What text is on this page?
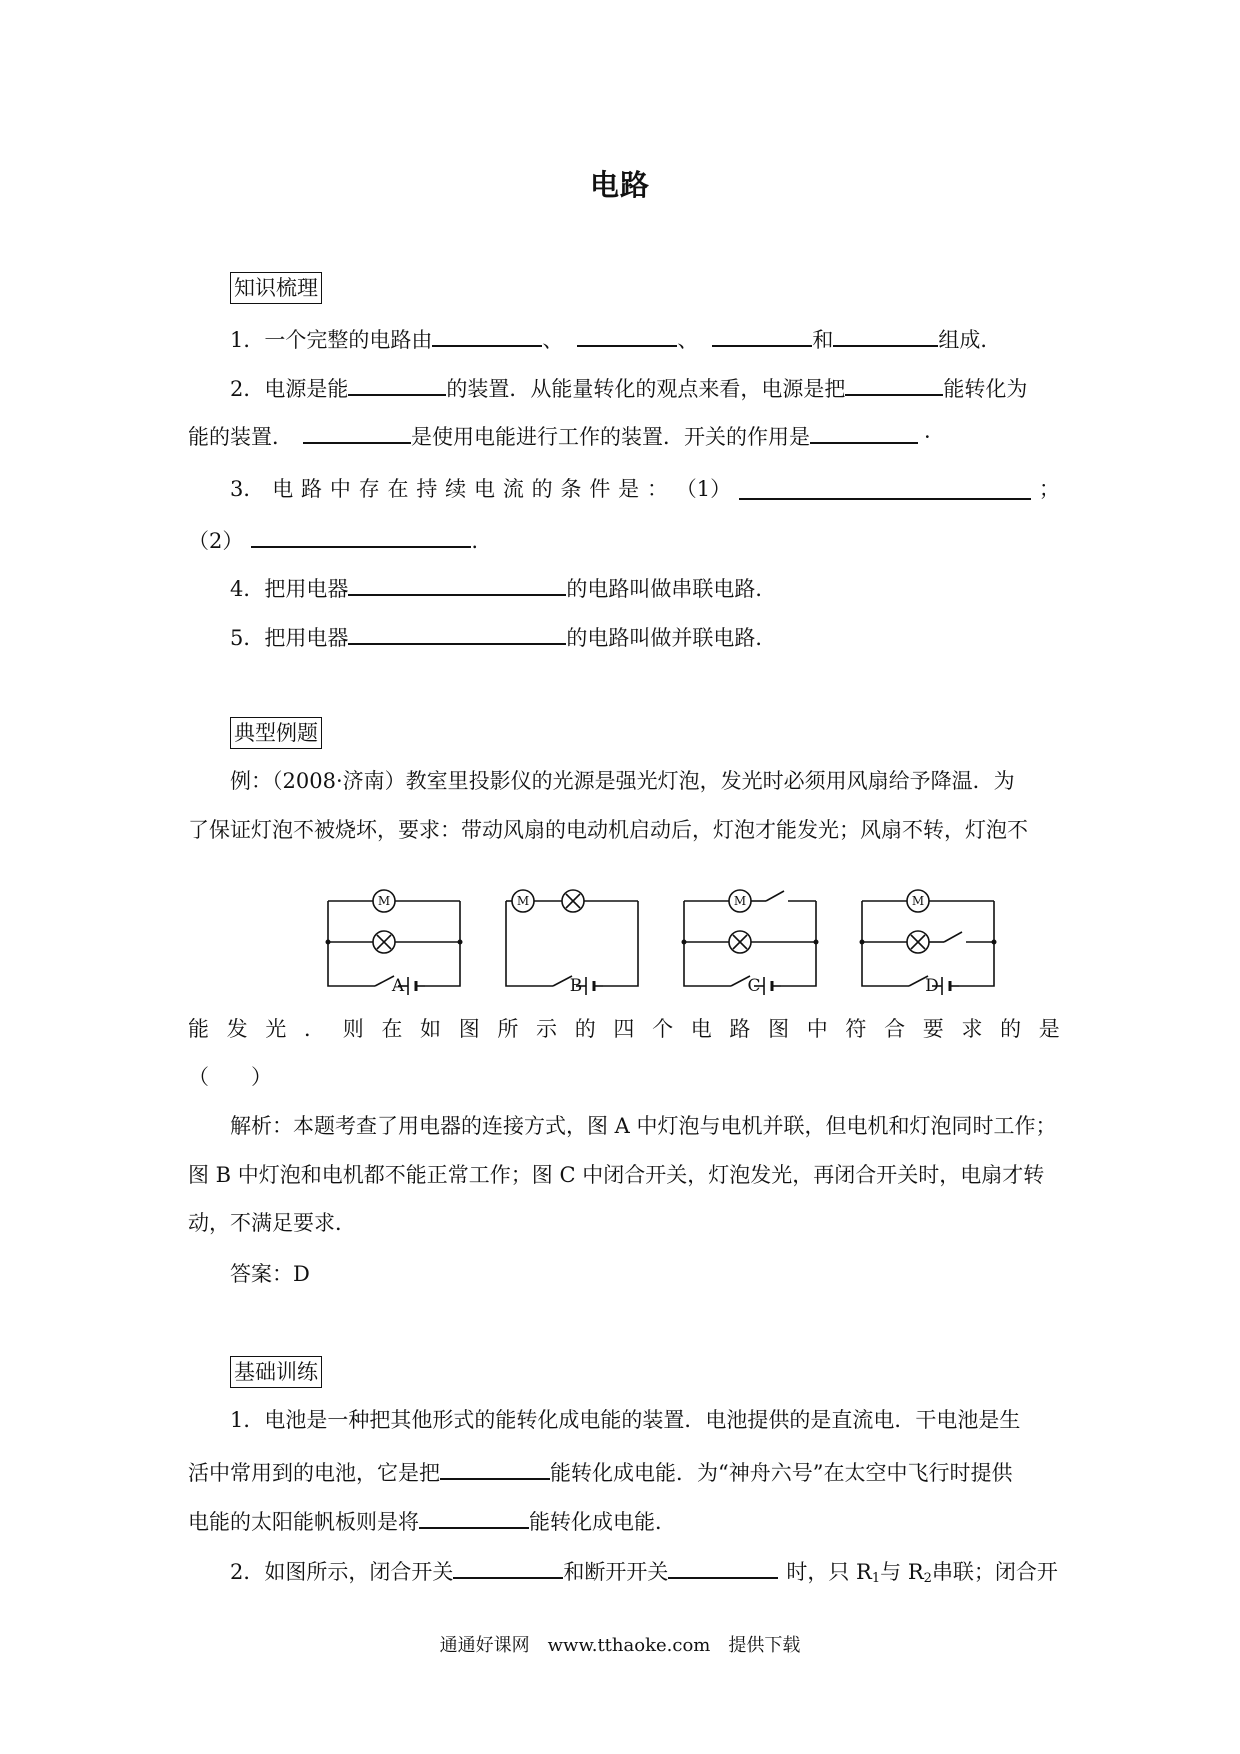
电路
知识梳理
1．一个完整的电路由	、	、	和	组成．
2．电源是能	的装置．从能量转化的观点来看，电源是把	能转化为
能的装置．	是使用电能进行工作的装置．开关的作用是	·
3． 电 路 中 存 在 持 续 电 流 的 条 件 是 ： （1）	；
（2）	.
4．把用电器	的电路叫做串联电路．
5．把用电器	的电路叫做并联电路．
典型例题
例：（2008·济南）教室里投影仪的光源是强光灯泡，发光时必须用风扇给予降温．为
了保证灯泡不被烧坏，要求：带动风扇的电动机启动后，灯泡才能发光；风扇不转，灯泡不
M	M	M	M
A	B	C	D
能 发 光 ． 则 在 如 图 所 示 的 四 个 电 路 图 中 符 合 要 求 的 是
（　　）
解析：本题考查了用电器的连接方式，图 A 中灯泡与电机并联，但电机和灯泡同时工作；
图 B 中灯泡和电机都不能正常工作；图 C 中闭合开关，灯泡发光，再闭合开关时，电扇才转
动，不满足要求．
答案：D
基础训练
1．电池是一种把其他形式的能转化成电能的装置．电池提供的是直流电．干电池是生
活中常用到的电池，它是把	能转化成电能．为“神舟六号”在太空中飞行时提供
电能的太阳能帆板则是将	能转化成电能．
2．如图所示，闭合开关	和断开开关	时，只 $R_1$与 $R_2$串联；闭合开
通通好课网　www.tthaoke.com　提供下载
